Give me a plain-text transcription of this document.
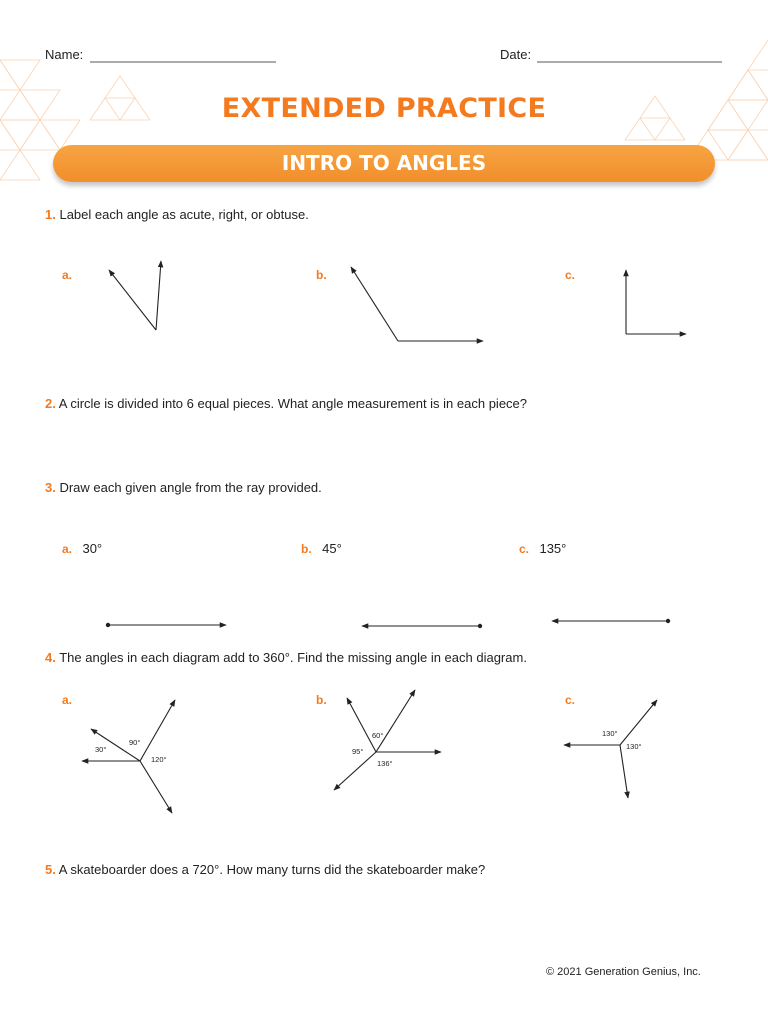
30°
90°
120°
60°
95°
136°
130°
130°
Name:	Date:
EXTENDED PRACTICE
INTRO TO ANGLES
1. Label each angle as acute, right, or obtuse.
a.	b.	c.
2. A circle is divided into 6 equal pieces. What angle measurement is in each piece?
3. Draw each given angle from the ray provided.
a. 30°	b. 45°	c. 135°
4. The angles in each diagram add to 360°. Find the missing angle in each diagram.
a.	b.	c.
5. A skateboarder does a 720°. How many turns did the skateboarder make?
© 2021 Generation Genius, Inc.
